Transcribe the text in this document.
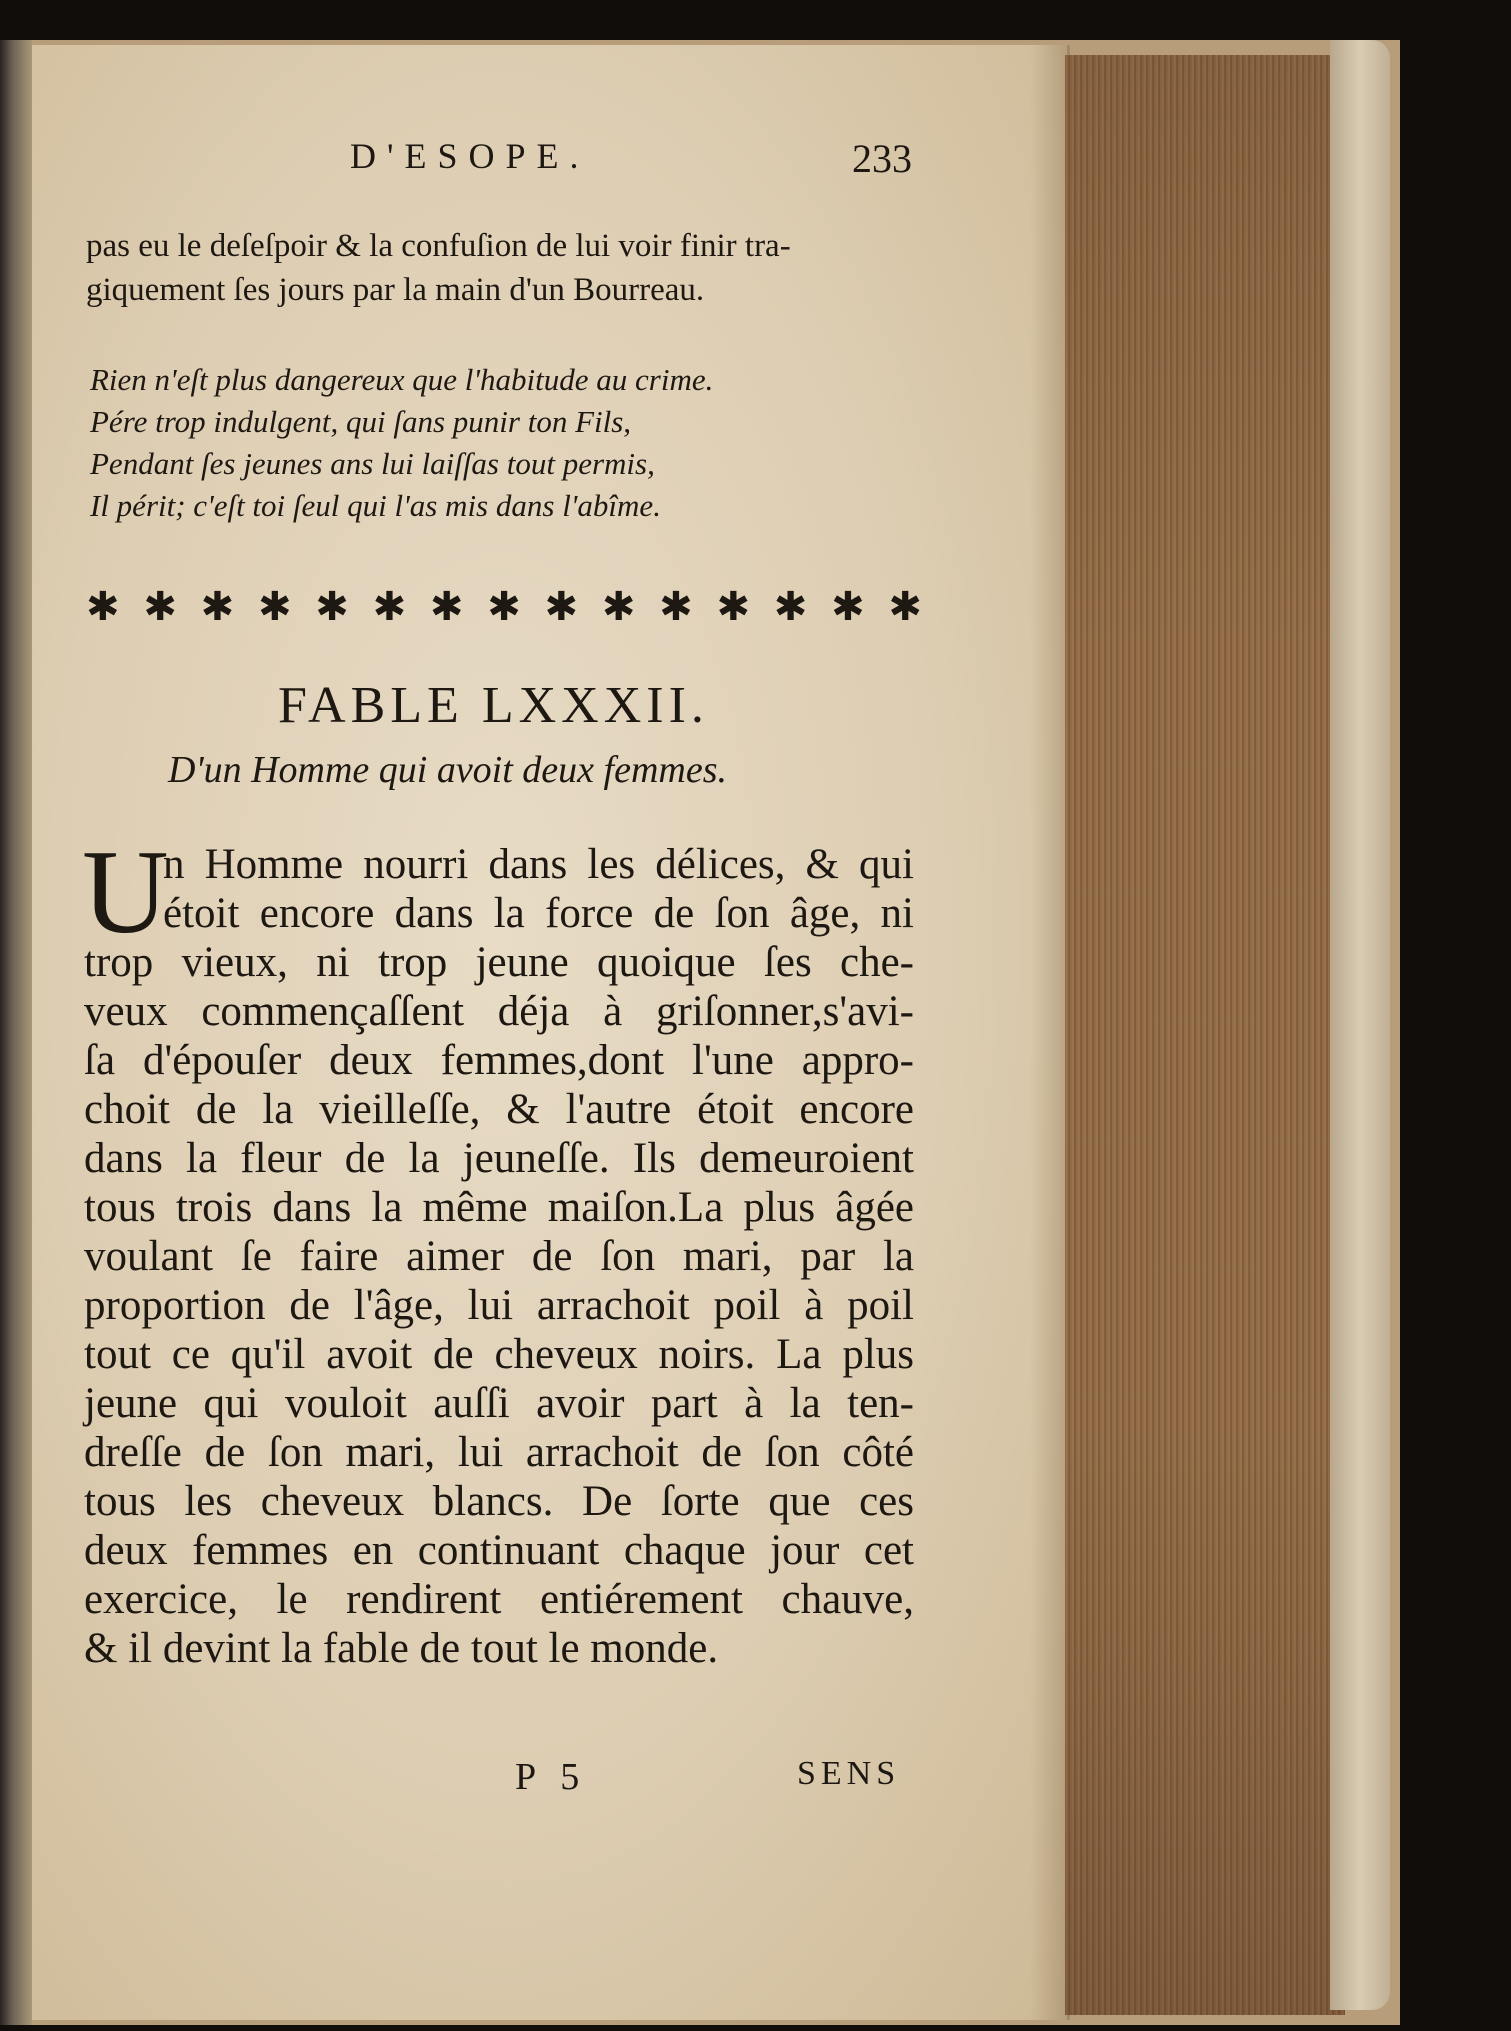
D'ESOPE.	233
pas eu le deſeſpoir & la confuſion de lui voir finir tra-
giquement ſes jours par la main d'un Bourreau.
Rien n'eſt plus dangereux que l'habitude au crime.
Pére trop indulgent, qui ſans punir ton Fils,
Pendant ſes jeunes ans lui laiſſas tout permis,
Il périt; c'eſt toi ſeul qui l'as mis dans l'abîme.
✱ ✱ ✱ ✱ ✱ ✱ ✱ ✱ ✱ ✱ ✱ ✱ ✱ ✱ ✱
FABLE LXXXII.
D'un Homme qui avoit deux femmes.
U
n Homme nourri dans les délices, & qui
étoit encore dans la force de ſon âge, ni
trop vieux, ni trop jeune quoique ſes che-
veux commençaſſent déja à griſonner,s'avi-
ſa d'épouſer deux femmes,dont l'une appro-
choit de la vieilleſſe, & l'autre étoit encore
dans la fleur de la jeuneſſe. Ils demeuroient
tous trois dans la même maiſon.La plus âgée
voulant ſe faire aimer de ſon mari, par la
proportion de l'âge, lui arrachoit poil à poil
tout ce qu'il avoit de cheveux noirs. La plus
jeune qui vouloit auſſi avoir part à la ten-
dreſſe de ſon mari, lui arrachoit de ſon côté
tous les cheveux blancs. De ſorte que ces
deux femmes en continuant chaque jour cet
exercice, le rendirent entiérement chauve,
& il devint la fable de tout le monde.
P 5	SENS
